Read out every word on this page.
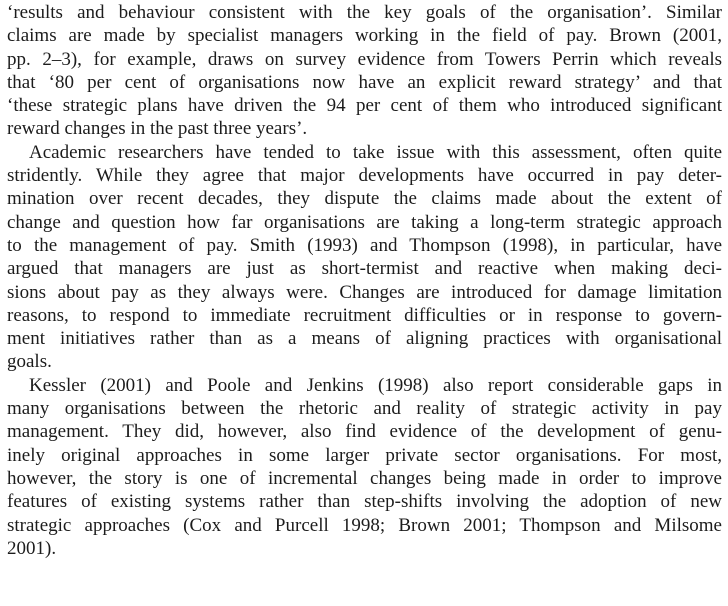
‘results and behaviour consistent with the key goals of the organisation’. Similar
claims are made by specialist managers working in the field of pay. Brown (2001,
pp. 2–3), for example, draws on survey evidence from Towers Perrin which reveals
that ‘80 per cent of organisations now have an explicit reward strategy’ and that
‘these strategic plans have driven the 94 per cent of them who introduced significant
reward changes in the past three years’.

Academic researchers have tended to take issue with this assessment, often quite
stridently. While they agree that major developments have occurred in pay deter-
mination over recent decades, they dispute the claims made about the extent of
change and question how far organisations are taking a long-term strategic approach
to the management of pay. Smith (1993) and Thompson (1998), in particular, have
argued that managers are just as short-termist and reactive when making deci-
sions about pay as they always were. Changes are introduced for damage limitation
reasons, to respond to immediate recruitment difficulties or in response to govern-
ment initiatives rather than as a means of aligning practices with organisational
goals.

Kessler (2001) and Poole and Jenkins (1998) also report considerable gaps in
many organisations between the rhetoric and reality of strategic activity in pay
management. They did, however, also find evidence of the development of genu-
inely original approaches in some larger private sector organisations. For most,
however, the story is one of incremental changes being made in order to improve
features of existing systems rather than step-shifts involving the adoption of new
strategic approaches (Cox and Purcell 1998; Brown 2001; Thompson and Milsome
2001).
